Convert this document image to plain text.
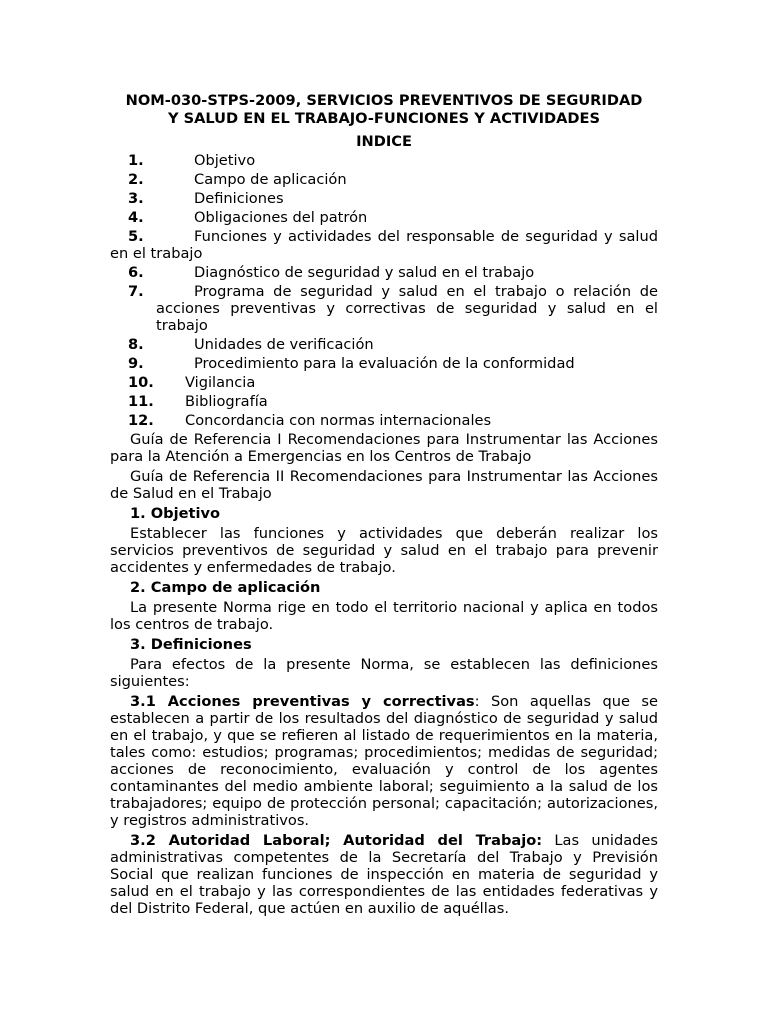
NOM-030-STPS-2009, SERVICIOS PREVENTIVOS DE SEGURIDAD
Y SALUD EN EL TRABAJO-FUNCIONES Y ACTIVIDADES

INDICE

1.	Objetivo
2.	Campo de aplicación
3.	Definiciones
4.	Obligaciones del patrón
5.	Funciones y actividades del responsable de seguridad y salud en el trabajo
6.	Diagnóstico de seguridad y salud en el trabajo
7.	Programa de seguridad y salud en el trabajo o relación de acciones preventivas y correctivas de seguridad y salud en el trabajo
8.	Unidades de verificación
9.	Procedimiento para la evaluación de la conformidad
10.	Vigilancia
11.	Bibliografía
12.	Concordancia con normas internacionales

Guía de Referencia I Recomendaciones para Instrumentar las Acciones para la Atención a Emergencias en los Centros de Trabajo

Guía de Referencia II Recomendaciones para Instrumentar las Acciones de Salud en el Trabajo

1. Objetivo

Establecer las funciones y actividades que deberán realizar los servicios preventivos de seguridad y salud en el trabajo para prevenir accidentes y enfermedades de trabajo.

2. Campo de aplicación

La presente Norma rige en todo el territorio nacional y aplica en todos los centros de trabajo.

3. Definiciones

Para efectos de la presente Norma, se establecen las definiciones siguientes:

3.1 Acciones preventivas y correctivas: Son aquellas que se establecen a partir de los resultados del diagnóstico de seguridad y salud en el trabajo, y que se refieren al listado de requerimientos en la materia, tales como: estudios; programas; procedimientos; medidas de seguridad; acciones de reconocimiento, evaluación y control de los agentes contaminantes del medio ambiente laboral; seguimiento a la salud de los trabajadores; equipo de protección personal; capacitación; autorizaciones, y registros administrativos.

3.2 Autoridad Laboral; Autoridad del Trabajo: Las unidades administrativas competentes de la Secretaría del Trabajo y Previsión Social que realizan funciones de inspección en materia de seguridad y salud en el trabajo y las correspondientes de las entidades federativas y del Distrito Federal, que actúen en auxilio de aquéllas.
